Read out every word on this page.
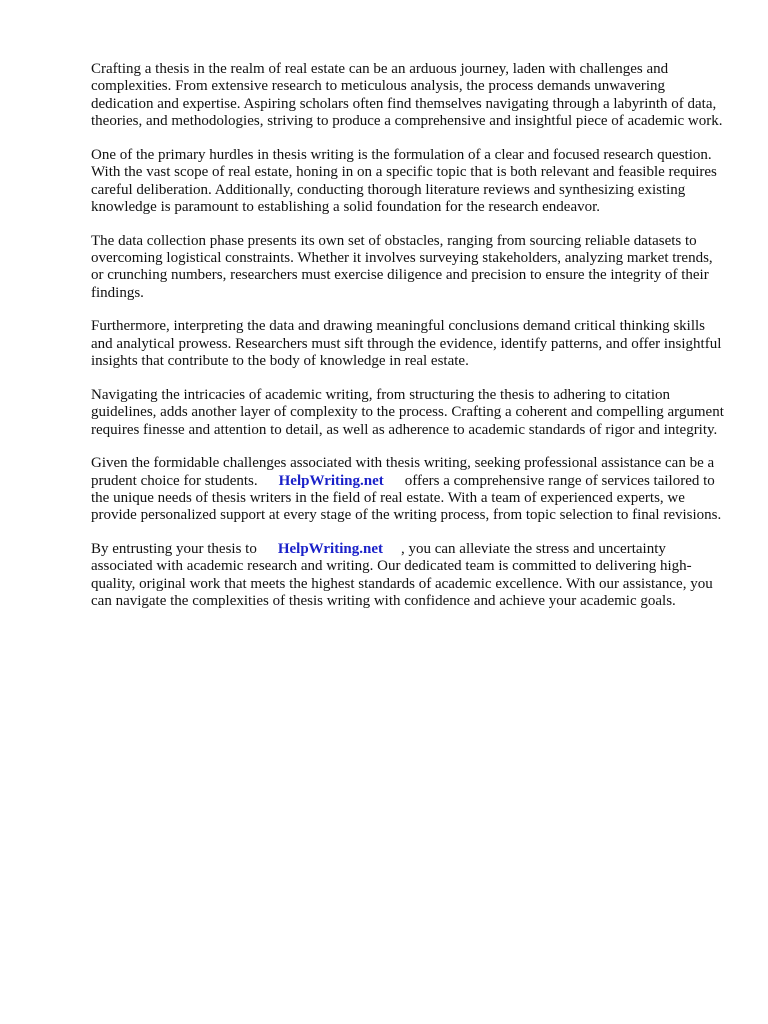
Crafting a thesis in the realm of real estate can be an arduous journey, laden with challenges and complexities. From extensive research to meticulous analysis, the process demands unwavering dedication and expertise. Aspiring scholars often find themselves navigating through a labyrinth of data, theories, and methodologies, striving to produce a comprehensive and insightful piece of academic work.

One of the primary hurdles in thesis writing is the formulation of a clear and focused research question. With the vast scope of real estate, honing in on a specific topic that is both relevant and feasible requires careful deliberation. Additionally, conducting thorough literature reviews and synthesizing existing knowledge is paramount to establishing a solid foundation for the research endeavor.

The data collection phase presents its own set of obstacles, ranging from sourcing reliable datasets to overcoming logistical constraints. Whether it involves surveying stakeholders, analyzing market trends, or crunching numbers, researchers must exercise diligence and precision to ensure the integrity of their findings.

Furthermore, interpreting the data and drawing meaningful conclusions demand critical thinking skills and analytical prowess. Researchers must sift through the evidence, identify patterns, and offer insightful insights that contribute to the body of knowledge in real estate.

Navigating the intricacies of academic writing, from structuring the thesis to adhering to citation guidelines, adds another layer of complexity to the process. Crafting a coherent and compelling argument requires finesse and attention to detail, as well as adherence to academic standards of rigor and integrity.

Given the formidable challenges associated with thesis writing, seeking professional assistance can be a prudent choice for students. HelpWriting.net offers a comprehensive range of services tailored to the unique needs of thesis writers in the field of real estate. With a team of experienced experts, we provide personalized support at every stage of the writing process, from topic selection to final revisions.

By entrusting your thesis to HelpWriting.net , you can alleviate the stress and uncertainty associated with academic research and writing. Our dedicated team is committed to delivering high-quality, original work that meets the highest standards of academic excellence. With our assistance, you can navigate the complexities of thesis writing with confidence and achieve your academic goals.
